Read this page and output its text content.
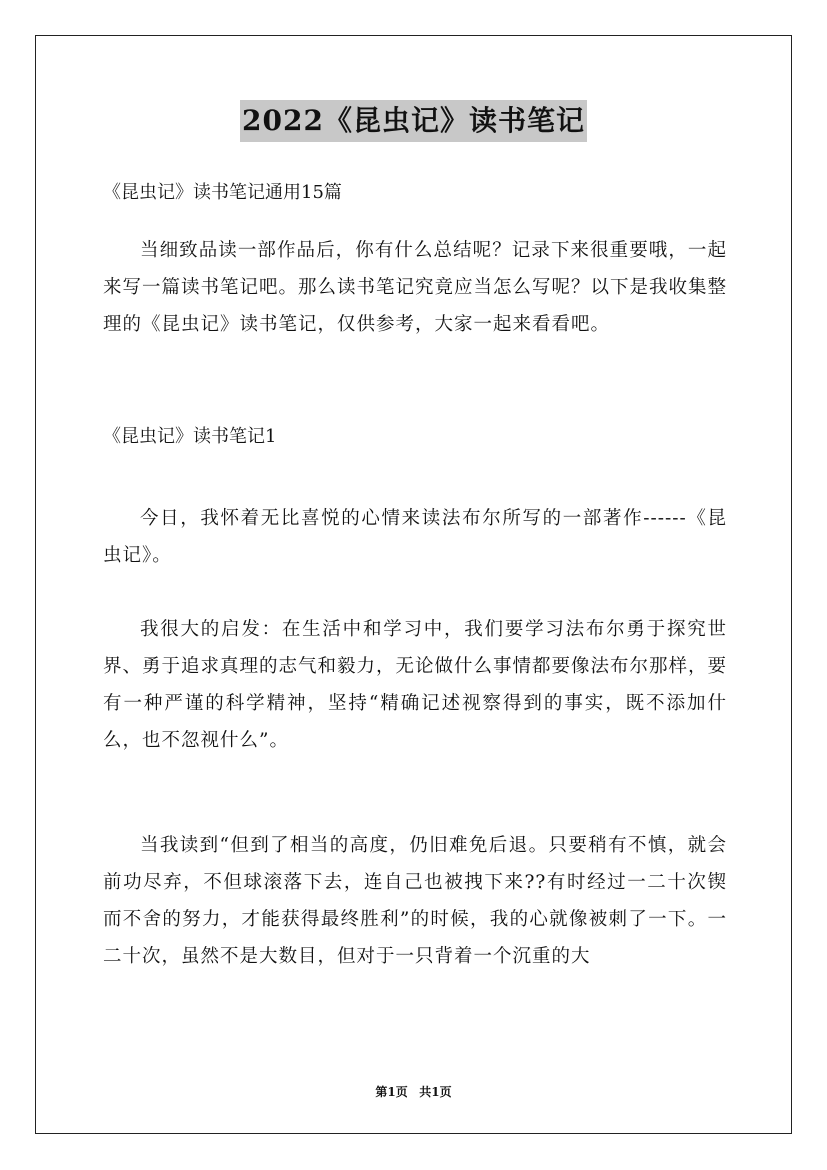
2022《昆虫记》读书笔记
《昆虫记》读书笔记通用15篇
当细致品读一部作品后，你有什么总结呢？记录下来很重要哦，一起来写一篇读书笔记吧。那么读书笔记究竟应当怎么写呢？以下是我收集整理的《昆虫记》读书笔记，仅供参考，大家一起来看看吧。
《昆虫记》读书笔记1
今日，我怀着无比喜悦的心情来读法布尔所写的一部著作------《昆虫记》。
我很大的启发：在生活中和学习中，我们要学习法布尔勇于探究世界、勇于追求真理的志气和毅力，无论做什么事情都要像法布尔那样，要有一种严谨的科学精神，坚持“精确记述视察得到的事实，既不添加什么，也不忽视什么”。
当我读到“但到了相当的高度，仍旧难免后退。只要稍有不慎，就会前功尽弃，不但球滚落下去，连自己也被拽下来??有时经过一二十次锲而不舍的努力，才能获得最终胜利”的时候，我的心就像被刺了一下。一二十次，虽然不是大数目，但对于一只背着一个沉重的大
第1页 共1页
